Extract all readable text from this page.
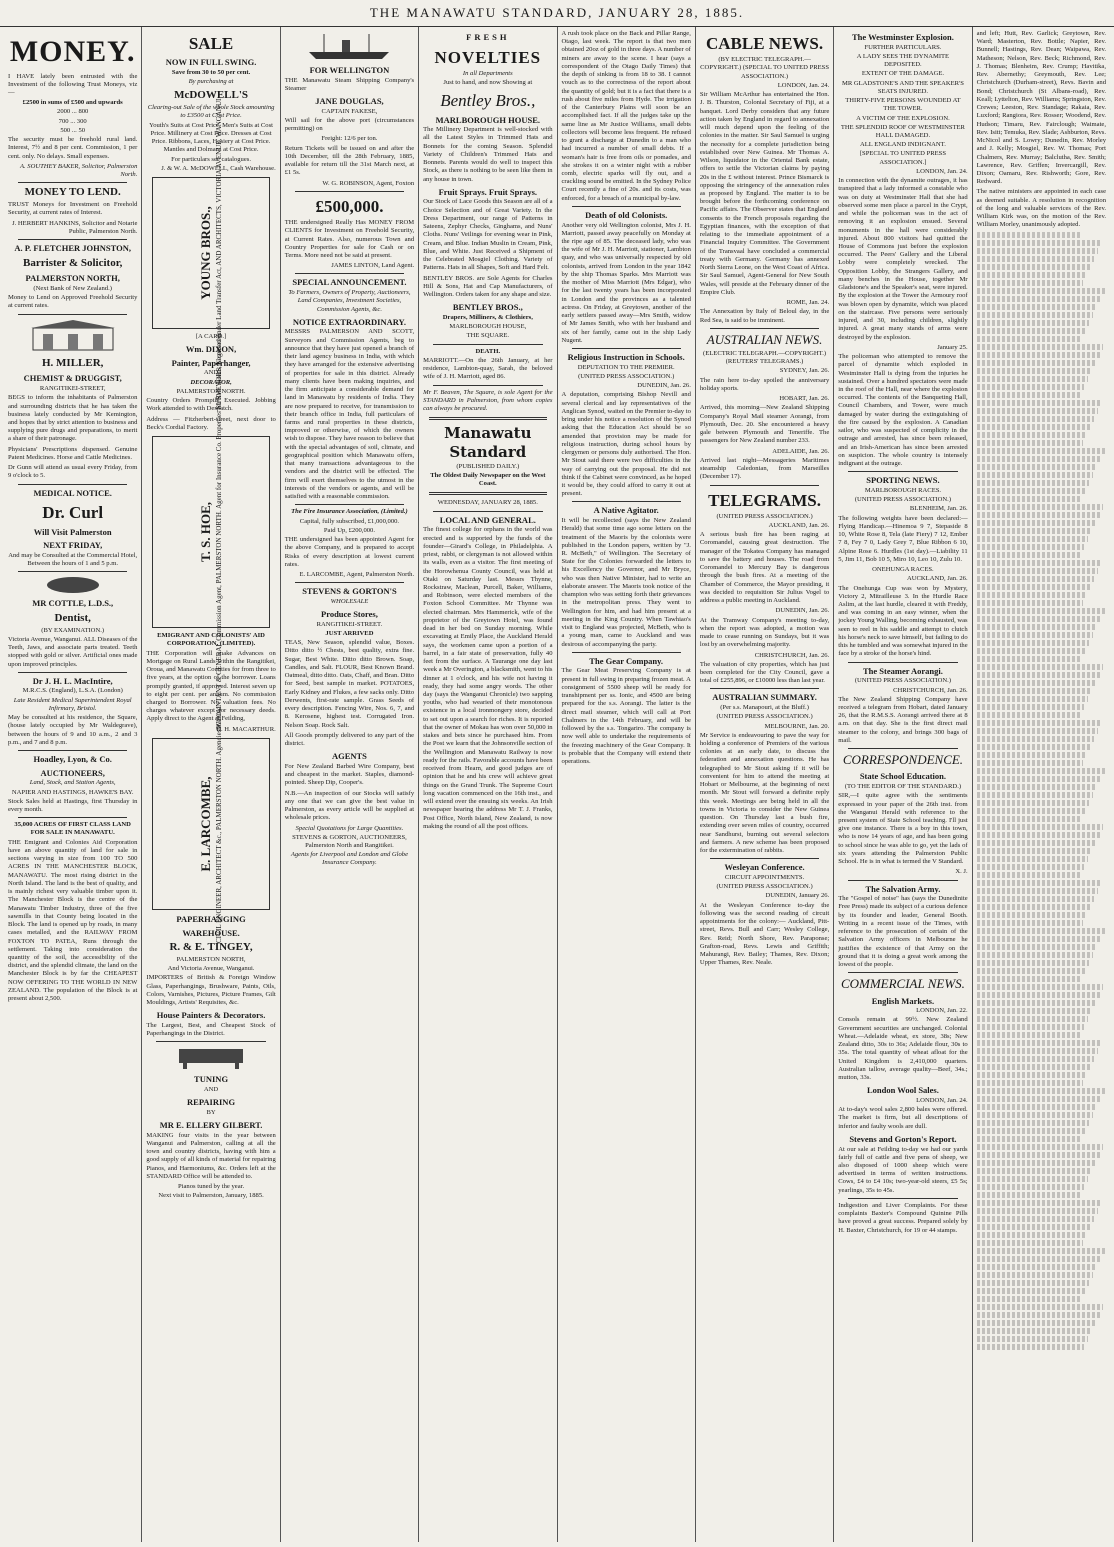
THE MANAWATU STANDARD, JANUARY 28, 1885.
MONEY.

I HAVE lately been entrusted with the Investment of the following Trust Moneys, viz—

£2500 in sums of £500 and upwards
2000 ... 800
700 ... 300
500 ... 50

The security must be freehold rural land. Interest, 7½ and 8 per cent. Commission, 1 per cent. only. No delays. Small expenses.

A. SOUTHEY BAKER, Solicitor, Palmerston North.
MONEY TO LEND.

TRUST Moneys for Investment on Freehold Security, at current rates of Interest.

J. HERBERT HANKINS, Solicitor and Notarie Public, Palmerston North.
A. P. FLETCHER JOHNSTON,
Barrister & Solicitor,
PALMERSTON NORTH,
(Next Bank of New Zealand.)

Money to Lend on Approved Freehold Security at current rates.

H. MILLER,
CHEMIST & DRUGGIST,
RANGITIKEI-STREET,

BEGS to inform the inhabitants of Palmerston and surrounding districts that he has taken the business lately conducted by Mr Kemington, and hopes that by strict attention to business and supplying pure drugs and preparations, to merit a share of their patronage.

Physicians' Prescriptions dispensed. Genuine Patent Medicines. Horse and Cattle Medicines.

Dr Gunn will attend as usual every Friday, from 9 o'clock to 5.

MEDICAL NOTICE.
Dr. Curl
Will Visit Palmerston
NEXT FRIDAY,

And may be Consulted at the Commercial Hotel, Between the hours of 1 and 5 p.m.

MR COTTLE, L.D.S.,
Dentist,
(BY EXAMINATION.)

Victoria Avenue, Wanganui. ALL Diseases of the Teeth, Jaws, and associate parts treated. Teeth stopped with gold or silver. Artificial ones made upon improved principles.

Dr J. H. L. MacIntire,
M.R.C.S. (England), L.S.A. (London)
Late Resident Medical Superintendent Royal Infirmary, Bristol.

May be consulted at his residence, the Square, (house lately occupied by Mr Waldegrave), between the hours of 9 and 10 a.m., 2 and 3 p.m., and 7 and 8 p.m.

Hoadley, Lyon, & Co.
AUCTIONEERS,
Land, Stock, and Station Agents,
NAPIER AND HASTINGS, HAWKE'S BAY.

Stock Sales held at Hastings, first Thursday in every month.

35,000 ACRES OF FIRST CLASS LAND FOR SALE IN MANAWATU.

THE Emigrant and Colonies Aid Corporation have an above quantity of land for sale in sections varying in size from 100 TO 500 ACRES IN THE MANCHESTER BLOCK, MANAWATU. The most rising district in the North Island. The land is the best of quality, and is mainly richest very valuable timber upon it. The Manchester Block is the centre of the Manawatu Timber Industry, three of the five sawmills in that County being located in the Block. The land is opened up by roads, in many cases metalled, and the RAILWAY FROM FOXTON TO PATEA, Runs through the settlement. Taking into consideration the quantity of the soil, the accessibility of the district, and the splendid climate, the land on the Manchester Block is by far the CHEAPEST NOW OFFERING TO THE WORLD IN NEW ZEALAND. The population of the Block is at present about 2,500.

SALE
NOW IN FULL SWING.
Save from 30 to 50 per cent.
By purchasing at
McDOWELL'S
Clearing-out Sale of the whole Stock amounting to £3500 at Cost Price.

Youth's Suits at Cost Price. Men's Suits at Cost Price. Millinery at Cost Price. Dresses at Cost Price. Ribbons, Laces, Hosiery at Cost Price. Mantles and Dolmans at Cost Price.

For particulars see catalogues.
J. & W. A. McDOWELL, Cash Warehouse.
YOUNG BROS., SURVEYORS, Licensed under Land Transfer Act, AND ARCHITECTS, VICTORIA AVENUE, WANGANUI.
[A CARD.]
Wm. DIXON,
Painter, Paperhanger,
AND
DECORATOR,
PALMERSTON NORTH.

Country Orders Promptly Executed. Jobbing Work attended to with Despatch.

Address — Fitzherbert-street, next door to Beck's Cordial Factory.

T. S. HOE, ACCOUNTANT & GENERAL Commission Agent, PALMERSTON NORTH. Agent for Insurance Co. Properties for Sale. Loans Negotiated.
EMIGRANT AND COLONISTS' AID CORPORATION, (LIMITED).

THE Corporation will make Advances on Mortgage on Rural Lands within the Rangitikei, Oroua, and Manawatu Counties for from three to five years, at the option of the borrower. Loans promptly granted, if approved. Interest seven up to eight per cent. per annum. No commission charged to Borrower. No valuation fees. No charges whatever except for necessary deeds. Apply direct to the Agent at Feilding,

D. H. MACARTHUR.
E. LARCOMBE, CIVIL ENGINEER, ARCHITECT &c., PALMERSTON NORTH. Agencies Wanted.
PAPERHANGING
WAREHOUSE.
R. & E. TINGEY,
PALMERSTON NORTH,
And Victoria Avenue, Wanganui.

IMPORTERS of British & Foreign Window Glass, Paperhangings, Brushware, Paints, Oils, Colors, Varnishes, Pictures, Picture Frames, Gilt Mouldings, Artists' Requisites, &c.

House Painters & Decorators.

The Largest, Best, and Cheapest Stock of Paperhangings in the District.

TUNING
AND
REPAIRING
BY
MR E. ELLERY GILBERT.

MAKING four visits in the year between Wanganui and Palmerston, calling at all the town and country districts, having with him a good supply of all kinds of material for repairing Pianos, and Harmoniums, &c. Orders left at the STANDARD Office will be attended to.

Pianos tuned by the year.
Next visit to Palmerston, January, 1885.
FOR WELLINGTON

THE Manawatu Steam Shipping Company's Steamer

JANE DOUGLAS,
CAPTAIN FAKESE,

Will sail for the above port (circumstances permitting) on

Freight: 12/6 per ton.

Return Tickets will be issued on and after the 10th December, till the 28th February, 1885, available for return till the 31st March next, at £1 5s.

W. G. ROBINSON, Agent, Foxton
£500,000.

THE undersigned Really Has MONEY FROM CLIENTS for Investment on Freehold Security, at Current Rates. Also, numerous Town and Country Properties for sale for Cash or on Terms. More need not be said at present.

JAMES LINTON, Land Agent.
SPECIAL ANNOUNCEMENT.

To Farmers, Owners of Property, Auctioneers, Land Companies, Investment Societies, Commission Agents, &c.

NOTICE EXTRAORDINARY.

MESSRS PALMERSON AND SCOTT, Surveyors and Commission Agents, beg to announce that they have just opened a branch of their land agency business in India, with which they have arranged for the extensive advertising of properties for sale in this district. Already many clients have been making inquiries, and the firm anticipate a considerable demand for land in Manawatu by residents of India. They are now prepared to receive, for transmission to their branch office in India, full particulars of farms and rural properties in these districts, improved or otherwise, of which the owners wish to dispose. They have reason to believe that with the special advantages of soil, climate, and geographical position which Manawatu offers, that many transactions advantageous to the vendors and the district will be effected. The firm will exert themselves to the utmost in the interests of the vendors or agents, and will be satisfied with a reasonable commission.

The Fire Insurance Association, (Limited.)
Capital, fully subscribed, £1,000,000.
Paid Up, £200,000.

THE undersigned has been appointed Agent for the above Company, and is prepared to accept Risks of every description at lowest current rates.

E. LARCOMBE, Agent, Palmerston North.
STEVENS & GORTON'S
WHOLESALE
Produce Stores,
RANGITIKEI-STREET.
JUST ARRIVED

TEAS, New Season, splendid value, Boxes. Ditto ditto ½ Chests, best quality, extra fine. Sugar, Best White. Ditto ditto Brown. Soap, Candles, and Salt. FLOUR, Best Known Brand. Oatmeal, ditto ditto. Oats, Chaff, and Bran. Ditto for Seed, best sample in market. POTATOES, Early Kidney and Flukes, a few sacks only. Ditto Derwents, first-rate sample. Grass Seeds of every description. Fencing Wire, Nos. 6, 7, and 8. Kerosene, highest test. Corrugated Iron. Nelson Soap. Rock Salt.

All Goods promptly delivered to any part of the district.

AGENTS

For New Zealand Barbed Wire Company, best and cheapest in the market. Staples, diamond-pointed. Sheep Dip, Cooper's.

N.B.—An inspection of our Stocks will satisfy any one that we can give the best value in Palmerston, as every article will be supplied at wholesale prices.

Special Quotations for Large Quantities.
STEVENS & GORTON, AUCTIONEERS, Palmerston North and Rangitikei.
Agents for Liverpool and London and Globe Insurance Company.
FRESH
NOVELTIES
In all Departments
Just to hand, and now Showing at
Bentley Bros.,
MARLBOROUGH HOUSE.

The Millinery Department is well-stocked with all the Latest Styles in Trimmed Hats and Bonnets for the coming Season. Splendid Variety of Children's Trimmed Hats and Bonnets. Parents would do well to inspect this Stock, as there is nothing to be seen like them in any house in town.

Fruit Sprays. Fruit Sprays.

Our Stock of Lace Goods this Season are all of a Choice Selection and of Great Variety. In the Dress Department, our range of Patterns in Sateens, Zephyr Checks, Ginghams, and Nuns' Cloths. Nuns' Veilings for evening wear in Pink, Cream, and Blue. Indian Muslin in Cream, Pink, Blue, and White. Just Received a Shipment of the Celebrated Mosgiel Clothing. Variety of Patterns. Hats in all Shapes, Soft and Hard Felt.

BENTLEY BROS. are Sole Agents for Charles Hill & Sons, Hat and Cap Manufacturers, of Wellington. Orders taken for any shape and size.

BENTLEY BROS.,
Drapers, Milliners, & Clothiers,
MARLBOROUGH HOUSE,
THE SQUARE.
DEATH.

MARRIOTT.—On the 26th January, at her residence, Lambton-quay, Sarah, the beloved wife of J. H. Marriott, aged 86.

Mr F. Beaven, The Square, is sole Agent for the STANDARD in Palmerston, from whom copies can always be procured.

Manawatu Standard
(PUBLISHED DAILY.)
The Oldest Daily Newspaper on the West Coast.
WEDNESDAY, JANUARY 28, 1885.
LOCAL AND GENERAL.

The finest college for orphans in the world was erected and is supported by the funds of the founder—Girard's College, in Philadelphia. A priest, rabbi, or clergyman is not allowed within its walls, even as a visitor. The first meeting of the Horowhenua County Council, was held at Otaki on Saturday last. Messrs Thynne, Rockstraw, Maclean, Purcell, Baker, Williams, and Robinson, were elected members of the Foxton School Committee. Mr Thynne was elected chairman. Mrs Hammerick, wife of the proprietor of the Greytown Hotel, was found dead in her bed on Sunday morning. While excavating at Emily Place, the Auckland Herald says, the workmen came upon a portion of a barrel, in a fair state of preservation, fully 40 feet from the surface. A Taurange one day last week a Mr Overington, a blacksmith, went to his dinner at 1 o'clock, and his wife not having it ready, they had some angry words. The other day (says the Wanganui Chronicle) two sapping youths, who had wearied of their monotonous existence in a local ironmongery store, decided to set out upon a search for riches. It is reported that the owner of Mokau has won over 50,000 in stakes and bets since he purchased him. From the Post we learn that the Johnsonville section of the Wellington and Manawatu Railway is now ready for the rails. Favorable accounts have been received from Hearn, and good judges are of opinion that he and his crew will achieve great things on the Grand Trunk. The Supreme Court long vacation commenced on the 16th inst., and will extend over the ensuing six weeks. An Irish newspaper bearing the address Mr T. J. Franks, Post Office, North Island, New Zealand, is now making the round of all the post offices.

A rush took place on the Back and Pillar Range, Otago, last week. The report is that two men obtained 20oz of gold in three days. A number of miners are away to the scene. I hear (says a correspondent of the Otago Daily Times) that the depth of sinking is from 18 to 38. I cannot vouch as to the correctness of the report about the quantity of gold; but it is a fact that there is a rush about five miles from Hyde. The irrigation of the Canterbury Plains will soon be an accomplished fact. If all the judges take up the same line as Mr Justice Williams, small debts collectors will become less frequent. He refused to grant a discharge at Dunedin to a man who had incurred a number of small debts. If a woman's hair is free from oils or pomades, and she strokes it on a winter night with a rubber comb, electric sparks will fly out, and a crackling sound be emitted. In the Sydney Police Court recently a fine of 20s. and its costs, was enforced, for a breach of a municipal by-law.

Death of old Colonists.

Another very old Wellington colonist, Mrs J. H. Marriott, passed away peacefully on Monday at the ripe age of 85. The deceased lady, who was the wife of Mr J. H. Marriott, stationer, Lambton quay, and who was universally respected by old colonists, arrived from London in the year 1842 by the ship Thomas Sparks. Mrs Marriott was the mother of Miss Marriott (Mrs Edgar), who for the last twenty years has been incorporated in London and the provinces as a talented actress. On Friday, at Greytown, another of the early settlers passed away—Mrs Smith, widow of Mr James Smith, who with her husband and six of her family, came out in the ship Lady Nugent.

Religious Instruction in Schools.
DEPUTATION TO THE PREMIER.
(UNITED PRESS ASSOCIATION.)
DUNEDIN, Jan. 26.

A deputation, comprising Bishop Nevill and several clerical and lay representatives of the Anglican Synod, waited on the Premier to-day to bring under his notice a resolution of the Synod asking that the Education Act should be so amended that provision may be made for religious instruction, during school hours by clergymen or persons duly authorised. The Hon. Mr Stout said there were two difficulties in the way of carrying out the proposal. He did not think if the Cabinet were convinced, as he hoped it would be, they could afford to carry it out at present.

A Native Agitator.

It will be recollected (says the New Zealand Herald) that some time ago some letters on the treatment of the Maoris by the colonists were published in the London papers, written by "J. R. McBeth," of Wellington. The Secretary of State for the Colonies forwarded the letters to his Excellency the Governor, and Mr Bryce, who was then Native Minister, had to write an elaborate answer. The Maoris took notice of the champion who was setting forth their grievances in the metropolitan press. They went to Wellington for him, and had him present at a meeting in the King Country. When Tawhiao's visit to England was projected, McBeth, who is a young man, came to Auckland and was desirous of accompanying the party.

The Gear Company.

The Gear Meat Preserving Company is at present in full swing in preparing frozen meat. A consignment of 5500 sheep will be ready for transhipment per ss. Ionic, and 4500 are being prepared for the s.s. Aorangi. The latter is the direct mail steamer, which will call at Port Chalmers in the 14th February, and will be followed by the s.s. Tongariro. The company is now well able to undertake the requirements of the freezing machinery of the Gear Company. It is probable that the Company will extend their operations.

CABLE NEWS.
(BY ELECTRIC TELEGRAPH.—COPYRIGHT.) (SPECIAL TO UNITED PRESS ASSOCIATION.)
LONDON, Jan. 24.

Sir William McArthur has entertained the Hon. J. B. Thurston, Colonial Secretary of Fiji, at a banquet. Lord Derby considers that any future action taken by England in regard to annexation will much depend upon the feeling of the colonies in the matter. Sir Saul Samuel is urging the necessity for a complete jurisdiction being established over New Guinea. Mr Thomas A. Wilson, liquidator in the Oriental Bank estate, offers to settle the Victorian claims by paying 20s in the £ without interest. Prince Bismarck is opposing the stringency of the annexation rules as proposed by England. The matter is to be brought before the forthcoming conference on Pacific affairs. The Observer states that England consents to the French proposals regarding the Egyptian finances, with the exception of that relating to the immediate appointment of a Financial Inquiry Committee. The Government of the Transvaal have concluded a commercial treaty with Germany. Germany has annexed North Sierra Leone, on the West Coast of Africa. Sir Saul Samuel, Agent-General for New South Wales, will preside at the February dinner of the Empire Club.

ROME, Jan. 24.

The Annexation by Italy of Beloul day, in the Red Sea, is said to be imminent.

AUSTRALIAN NEWS.
(ELECTRIC TELEGRAPH.—COPYRIGHT.) (REUTERS' TELEGRAMS.)
SYDNEY, Jan. 26.

The rain here to-day spoiled the anniversary holiday sports.

HOBART, Jan. 26.

Arrived, this morning—New Zealand Shipping Company's Royal Mail steamer Aorangi, from Plymouth, Dec. 20. She encountered a heavy gale between Plymouth and Teneriffe. The passengers for New Zealand number 233.

ADELAIDE, Jan. 26.

Arrived last night—Messageries Maritimes steamship Caledonian, from Marseilles (December 17).

TELEGRAMS.
(UNITED PRESS ASSOCIATION.)
AUCKLAND, Jan. 26.

A serious bush fire has been raging at Coromandel, causing great destruction. The manager of the Tokatea Company has managed to save the battery and houses. The road from Coromandel to Mercury Bay is dangerous through the bush fires. At a meeting of the Chamber of Commerce, the Mayor presiding, it was decided to requisition Sir Julius Vogel to address a public meeting in Auckland.

DUNEDIN, Jan. 26.

At the Tramway Company's meeting to-day, when the report was adopted, a motion was made to cease running on Sundays, but it was lost by an overwhelming majority.

CHRISTCHURCH, Jan. 26.

The valuation of city properties, which has just been completed for the City Council, gave a total of £255,896, or £10000 less than last year.

AUSTRALIAN SUMMARY.
(Per s.s. Manapouri, at the Bluff.)
(UNITED PRESS ASSOCIATION.)
MELBOURNE, Jan. 20.

Mr Service is endeavouring to pave the way for holding a conference of Premiers of the various colonies at an early date, to discuss the federation and annexation questions. He has telegraphed to Mr Stout asking if it will be convenient for him to attend the meeting at Hobart or Melbourne, at the beginning of next month. Mr Stout will forward a definite reply this week. Meetings are being held in all the towns in Victoria to consider the New Guinea question. On Thursday last a bush fire, extending over seven miles of country, occurred near Sandhurst, burning out several selectors and farmers. A new scheme has been proposed for the extermination of rabbits.

Wesleyan Conference.
CIRCUIT APPOINTMENTS.
(UNITED PRESS ASSOCIATION.)
DUNEDIN, January 26.

At the Wesleyan Conference to-day the following was the second reading of circuit appointments for the colony:— Auckland, Pitt-street, Revs. Bull and Carr; Wesley College, Rev. Reid; North Shore, Rev. Paraponse; Grafton-road, Revs. Lewis and Griffith; Mahurangi, Rev. Bailey; Thames, Rev. Dixon; Upper Thames, Rev. Neale.

The Westminster Explosion.
FURTHER PARTICULARS.
A LADY SEES THE DYNAMITE DEPOSITED.
EXTENT OF THE DAMAGE.
MR GLADSTONE'S AND THE SPEAKER'S SEATS INJURED.
THIRTY-FIVE PERSONS WOUNDED AT THE TOWER.
A VICTIM OF THE EXPLOSION.
THE SPLENDID ROOF OF WESTMINSTER HALL DAMAGED.
ALL ENGLAND INDIGNANT.
[SPECIAL TO UNITED PRESS ASSOCIATION.]
LONDON, Jan. 24.

In connection with the dynamite outrages, it has transpired that a lady informed a constable who was on duty at Westminster Hall that she had observed some men place a parcel in the Crypt, and while the policeman was in the act of removing it an explosion ensued. Several monuments in the hall were considerably injured. About 800 visitors had quitted the House of Commons just before the explosion occurred. The Peers' Gallery and the Liberal Lobby were completely wrecked. The Opposition Lobby, the Strangers Gallery, and many benches in the House, together Mr Gladstone's and the Speaker's seat, were injured. By the explosion at the Tower the Armoury roof was blown open by dynamite, which was placed on the staircase. Five persons were seriously injured, and 30, including children, slightly injured. A great many stands of arms were destroyed by the explosion.

January 25.

The policeman who attempted to remove the parcel of dynamite which exploded in Westminster Hall is dying from the injuries he sustained. Over a hundred spectators were made in the roof of the Hall, near where the explosion occurred. The contents of the Banqueting Hall, Council Chambers, and Tower, were much damaged by water during the extinguishing of the fire caused by the explosion. A Canadian sailor, who was suspected of complicity in the outrage and arrested, has since been released, and an Irish-American has since been arrested on suspicion. The whole country is intensely indignant at the outrage.

SPORTING NEWS.
MARLBOROUGH RACES.
(UNITED PRESS ASSOCIATION.)
BLENHEIM, Jan. 26.

The following weights have been declared:— Flying Handicap.—Hinemoa 9 7, Stepaside 8 10, White Rose 8, Tela (late Fiery) 7 12, Ember 7 8, Fey 7 0, Lady Grey 7, Blue Ribbon 6 10, Alpine Rose 6. Hurdles (1st day).—Liability 11 5, Jim 11, Bob 10 5, Miro 10, Leo 10, Zulu 10.

ONEHUNGA RACES.
AUCKLAND, Jan. 26.

The Onehunga Cup was won by Mystery, Victory 2, Mitrailleuse 3. In the Hurdle Race Aslim, at the last hurdle, cleared it with Freddy, and was coming in an easy winner, when the jockey Young Walling, becoming exhausted, was seen to reel in his saddle and attempt to clutch his horse's neck to save himself, but failing to do this he tumbled and was somewhat injured in the face by a stroke of the horse's hind.

The Steamer Aorangi.
(UNITED PRESS ASSOCIATION.)
CHRISTCHURCH, Jan. 26.

The New Zealand Shipping Company have received a telegram from Hobart, dated January 26, that the R.M.S.S. Aorangi arrived there at 8 a.m. on that day. She is the first direct mail steamer to the colony, and brings 300 bags of mail.

CORRESPONDENCE.
State School Education.
(TO THE EDITOR OF THE STANDARD.)

SIR,—I quite agree with the sentiments expressed in your paper of the 26th inst. from the Wanganui Herald with reference to the present system of State School teaching. I'll just give one instance. There is a boy in this town, who is now 14 years of age, and has been going to school since he was able to go, yet the lads of six years attending the Palmerston Public School. He is in what is termed the V Standard.

X. J.
The Salvation Army.

The "Gospel of noise" has (says the Dunedinite Free Press) made its subject of a curious defence by its founder and leader, General Booth. Writing in a recent issue of the Times, with reference to the prosecution of certain of the Salvation Army officers in Melbourne he justifies the existence of that Army on the ground that it is doing a great work among the lowest of the people.

COMMERCIAL NEWS.
English Markets.
LONDON, Jan. 22.

Consols remain at 99½. New Zealand Government securities are unchanged. Colonial Wheat.—Adelaide wheat, ex store, 38s; New Zealand ditto, 30s to 36s; Adelaide flour, 30s to 35s. The total quantity of wheat afloat for the United Kingdom is 2,410,000 quarters. Australian tallow, average quality—Beef, 34s.; mutton, 33s.

London Wool Sales.
LONDON, Jan. 24.

At to-day's wool sales 2,800 bales were offered. The market is firm, but all descriptions of inferior and faulty wools are dull.

Stevens and Gorton's Report.

At our sale at Feilding to-day we had our yards fairly full of cattle and five pens of sheep, we also disposed of 1000 sheep which were advertised in terms of written instructions. Cows, £4 to £4 10s; two-year-old steers, £5 5s; yearlings, 35s to 45s.

Indigestion and Liver Complaints. For these complaints Baxter's Compound Quinine Pills have proved a great success. Prepared solely by H. Baxter, Christchurch, for 19 or 44 stamps.

and left; Hutt, Rev. Garlick; Greytown, Rev. Ward; Masterton, Rev. Bottle; Napier, Rev. Bunnell; Hastings, Rev. Dean; Waipawa, Rev. Matheson; Nelson, Rev. Beck; Richmond, Rev. J. Thomas; Blenheim, Rev. Crump; Havitika, Rev. Abernethy; Greymouth, Rev. Lee; Christchurch (Durham-street), Revs. Bavin and Bond; Christchurch (St Albans-road), Rev. Keall; Lyttelton, Rev. Williams; Springston, Rev. Crewes; Leeston, Rev. Standage; Rakaia, Rev. Luxford; Rangiora, Rev. Rosser; Woodend, Rev. Hudson; Timaru, Rev. Fairclough; Waimate, Rev. Isitt; Temuka, Rev. Slade; Ashburton, Revs. McNicol and S. Lowry; Dunedin, Rev. Morley and J. Kelly; Mosgiel, Rev. W. Thomas; Port Chalmers, Rev. Murray; Balclutha, Rev. Smith; Lawrence, Rev. Griffen; Invercargill, Rev. Dixon; Oamaru, Rev. Rishworth; Gore, Rev. Redward.

The native ministers are appointed in each case as deemed suitable. A resolution in recognition of the long and valuable services of the Rev. William Kirk was, on the motion of the Rev. William Morley, unanimously adopted.
